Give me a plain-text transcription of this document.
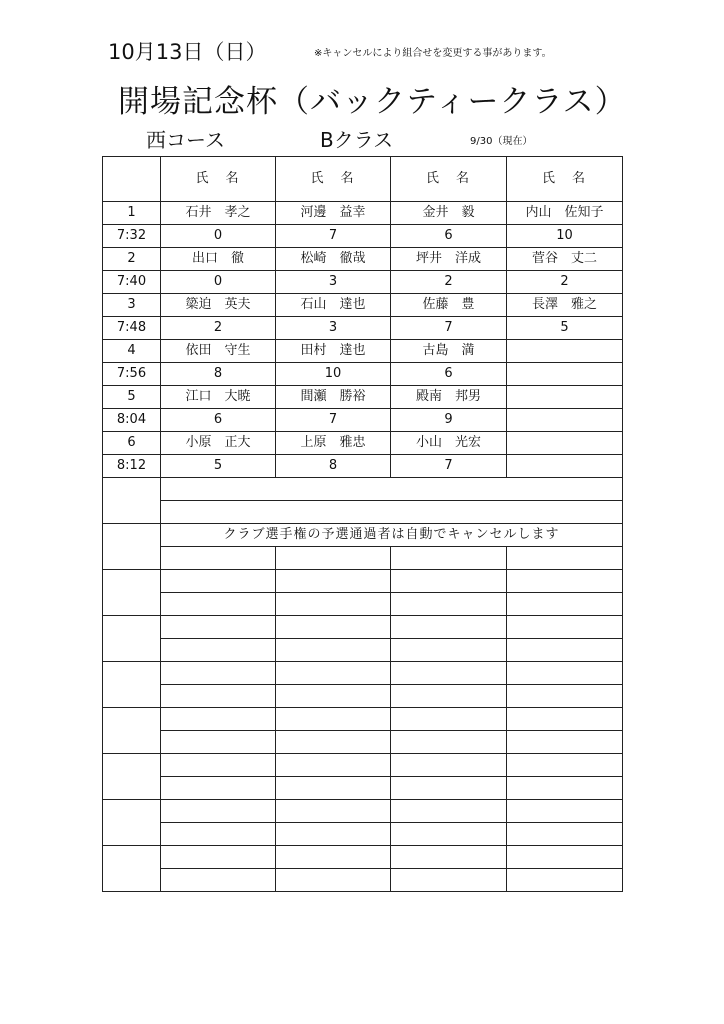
10月13日（日）	※キャンセルにより組合せを変更する事があります。
開場記念杯（バックティークラス）
西コース	Bクラス	9/30（現在）
	氏　名	氏　名	氏　名	氏　名
1	石井　孝之	河邊　益幸	金井　毅	内山　佐知子
7:32	0	7	6	10
2	出口　徹	松崎　徹哉	坪井　洋成	菅谷　丈二
7:40	0	3	2	2
3	簗迫　英夫	石山　達也	佐藤　豊	長澤　雅之
7:48	2	3	7	5
4	依田　守生	田村　達也	古島　満	
7:56	8	10	6	
5	江口　大暁	間瀬　勝裕	殿南　邦男	
8:04	6	7	9	
6	小原　正大	上原　雅忠	小山　光宏	
8:12	5	8	7	

	クラブ選手権の予選通過者は自動でキャンセルします			
